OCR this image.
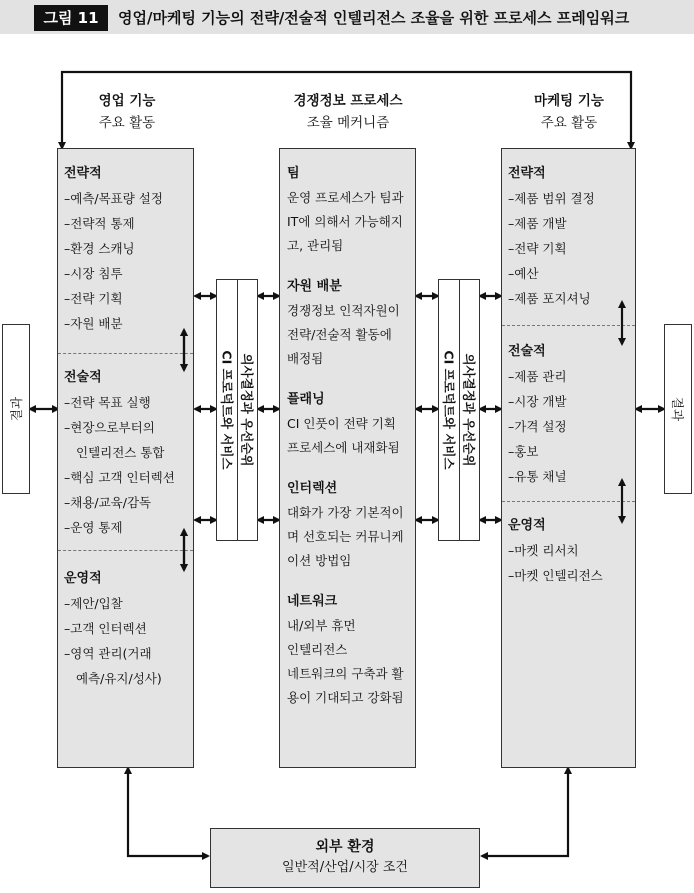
그림 11	영업/마케팅 기능의 전략/전술적 인텔리전스 조율을 위한 프로세스 프레임워크
영업 기능
주요 활동
경쟁정보 프로세스
조율 메커니즘
마케팅 기능
주요 활동
전략적
–예측/목표량 설정
–전략적 통제
–환경 스캐닝
–시장 침투
–전략 기획
–자원 배분
전술적
–전략 목표 실행
–현장으로부터의
인텔리전스 통합
–핵심 고객 인터렉션
–채용/교육/감독
–운영 통제
운영적
–제안/입찰
–고객 인터렉션
–영역 관리(거래
예측/유지/성사)
CI 프로덕트와 서비스 의사결정과 우선순위
팀
운영 프로세스가 팀과
IT에 의해서 가능해지
고, 관리됨
자원 배분
경쟁정보 인적자원이
전략/전술적 활동에
배정됨
플래닝
CI 인풋이 전략 기획
프로세스에 내재화됨
인터렉션
대화가 가장 기본적이
며 선호되는 커뮤니케
이션 방법임
네트워크
내/외부 휴먼
인텔리전스
네트워크의 구축과 활
용이 기대되고 강화됨
CI 프로덕트와 서비스 의사결정과 우선순위
전략적
–제품 범위 결정
–제품 개발
–전략 기획
–예산
–제품 포지셔닝
전술적
–제품 관리
–시장 개발
–가격 설정
–홍보
–유통 채널
운영적
–마켓 리서치
–마켓 인텔리전스
결과	결과
외부 환경
일반적/산업/시장 조건
